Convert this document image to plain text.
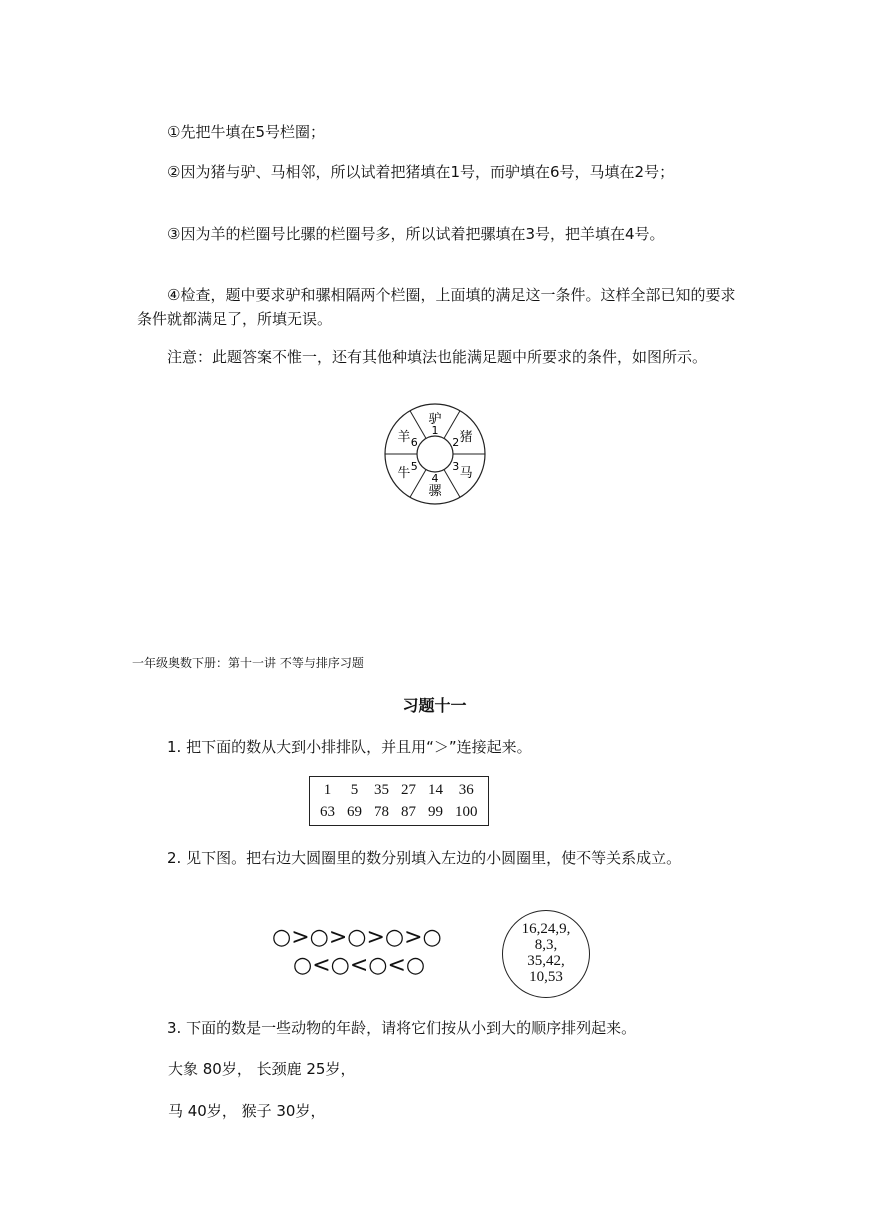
①先把牛填在5号栏圈；
②因为猪与驴、马相邻，所以试着把猪填在1号，而驴填在6号，马填在2号；
③因为羊的栏圈号比骡的栏圈号多，所以试着把骡填在3号，把羊填在4号。
④检查，题中要求驴和骡相隔两个栏圈，上面填的满足这一条件。这样全部已知的要求条件就都满足了，所填无误。
注意：此题答案不惟一，还有其他种填法也能满足题中所要求的条件，如图所示。
1
驴
2 猪
3 马
4
骡
5
牛
6
羊
一年级奥数下册：第十一讲 不等与排序习题
习题十一
1. 把下面的数从大到小排排队，并且用“＞”连接起来。
1	5	35	27	14	36
63	69	78	87	99	100
2. 见下图。把右边大圆圈里的数分别填入左边的小圆圈里，使不等关系成立。
○>○>○>○>○
○<○<○<○
16,24,9,
8,3,
35,42,
10,53
3. 下面的数是一些动物的年龄，请将它们按从小到大的顺序排列起来。
大象 80岁， 长颈鹿 25岁，
马 40岁， 猴子 30岁，
